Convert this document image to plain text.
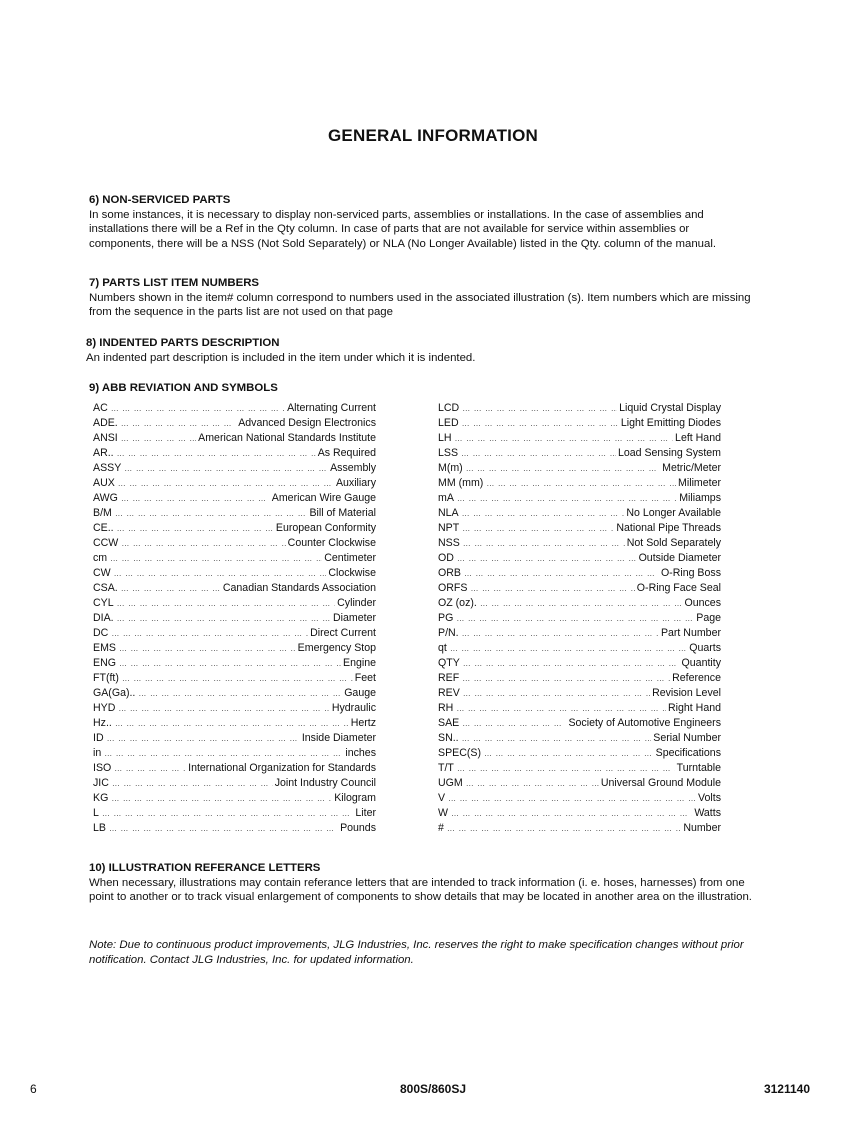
GENERAL INFORMATION
6) NON-SERVICED PARTS

In some instances, it is necessary to display non-serviced parts, assemblies or installations. In the case of assemblies and installations there will be a Ref in the Qty column. In case of parts that are not available for service within assemblies or components, there will be a NSS (Not Sold Separately) or NLA (No Longer Available) listed in the Qty. column of the manual.

7) PARTS LIST ITEM NUMBERS

Numbers shown in the item# column correspond to numbers used in the associated illustration (s). Item numbers which are missing from the sequence in the parts list are not used on that page

8) INDENTED PARTS DESCRIPTION

An indented part description is included in the item under which it is indented.

9) ABB REVIATION AND SYMBOLS
AC … … … … … … … … … … … … … … … … … … … … … … … … … … … … … … … … … … … … … … … … … … … … … … … …	Alternating Current
ADE. … … … … … … … … … … … … … … … … … … … … … … … … … … … … … … … … … … … … … … … … … … … … … … … …	Advanced Design Electronics
ANSI … … … … … … … … … … … … … … … … … … … … … … … … … … … … … … … … … … … … … … … … … … … … … … … …	American National Standards Institute
AR.. … … … … … … … … … … … … … … … … … … … … … … … … … … … … … … … … … … … … … … … … … … … … … … … …	As Required
ASSY … … … … … … … … … … … … … … … … … … … … … … … … … … … … … … … … … … … … … … … … … … … … … … … …	Assembly
AUX … … … … … … … … … … … … … … … … … … … … … … … … … … … … … … … … … … … … … … … … … … … … … … … …	Auxiliary
AWG … … … … … … … … … … … … … … … … … … … … … … … … … … … … … … … … … … … … … … … … … … … … … … … …	American Wire Gauge
B/M … … … … … … … … … … … … … … … … … … … … … … … … … … … … … … … … … … … … … … … … … … … … … … … …	Bill of Material
CE.. … … … … … … … … … … … … … … … … … … … … … … … … … … … … … … … … … … … … … … … … … … … … … … … …	European Conformity
CCW … … … … … … … … … … … … … … … … … … … … … … … … … … … … … … … … … … … … … … … … … … … … … … … …	Counter Clockwise
cm … … … … … … … … … … … … … … … … … … … … … … … … … … … … … … … … … … … … … … … … … … … … … … … …	Centimeter
CW … … … … … … … … … … … … … … … … … … … … … … … … … … … … … … … … … … … … … … … … … … … … … … … …	Clockwise
CSA. … … … … … … … … … … … … … … … … … … … … … … … … … … … … … … … … … … … … … … … … … … … … … … … …	Canadian Standards Association
CYL … … … … … … … … … … … … … … … … … … … … … … … … … … … … … … … … … … … … … … … … … … … … … … … …	Cylinder
DIA. … … … … … … … … … … … … … … … … … … … … … … … … … … … … … … … … … … … … … … … … … … … … … … … …	Diameter
DC … … … … … … … … … … … … … … … … … … … … … … … … … … … … … … … … … … … … … … … … … … … … … … … …	Direct Current
EMS … … … … … … … … … … … … … … … … … … … … … … … … … … … … … … … … … … … … … … … … … … … … … … … …	Emergency Stop
ENG … … … … … … … … … … … … … … … … … … … … … … … … … … … … … … … … … … … … … … … … … … … … … … … …	Engine
FT(ft) … … … … … … … … … … … … … … … … … … … … … … … … … … … … … … … … … … … … … … … … … … … … … … … …	Feet
GA(Ga).. … … … … … … … … … … … … … … … … … … … … … … … … … … … … … … … … … … … … … … … … … … … … … … … …	Gauge
HYD … … … … … … … … … … … … … … … … … … … … … … … … … … … … … … … … … … … … … … … … … … … … … … … …	Hydraulic
Hz.. … … … … … … … … … … … … … … … … … … … … … … … … … … … … … … … … … … … … … … … … … … … … … … … …	Hertz
ID … … … … … … … … … … … … … … … … … … … … … … … … … … … … … … … … … … … … … … … … … … … … … … … …	Inside Diameter
in … … … … … … … … … … … … … … … … … … … … … … … … … … … … … … … … … … … … … … … … … … … … … … … …	inches
ISO … … … … … … … … … … … … … … … … … … … … … … … … … … … … … … … … … … … … … … … … … … … … … … … …	International Organization for Standards
JIC … … … … … … … … … … … … … … … … … … … … … … … … … … … … … … … … … … … … … … … … … … … … … … … …	Joint Industry Council
KG … … … … … … … … … … … … … … … … … … … … … … … … … … … … … … … … … … … … … … … … … … … … … … … …	Kilogram
L … … … … … … … … … … … … … … … … … … … … … … … … … … … … … … … … … … … … … … … … … … … … … … … …	Liter
LB … … … … … … … … … … … … … … … … … … … … … … … … … … … … … … … … … … … … … … … … … … … … … … … …	Pounds
LCD … … … … … … … … … … … … … … … … … … … … … … … … … … … … … … … … … … … … … … … … … … … … … … … …	Liquid Crystal Display
LED … … … … … … … … … … … … … … … … … … … … … … … … … … … … … … … … … … … … … … … … … … … … … … … …	Light Emitting Diodes
LH … … … … … … … … … … … … … … … … … … … … … … … … … … … … … … … … … … … … … … … … … … … … … … … …	Left Hand
LSS … … … … … … … … … … … … … … … … … … … … … … … … … … … … … … … … … … … … … … … … … … … … … … … …	Load Sensing System
M(m) … … … … … … … … … … … … … … … … … … … … … … … … … … … … … … … … … … … … … … … … … … … … … … … …	Metric/Meter
MM (mm) … … … … … … … … … … … … … … … … … … … … … … … … … … … … … … … … … … … … … … … … … … … … … … … …	Milimeter
mA … … … … … … … … … … … … … … … … … … … … … … … … … … … … … … … … … … … … … … … … … … … … … … … …	Miliamps
NLA … … … … … … … … … … … … … … … … … … … … … … … … … … … … … … … … … … … … … … … … … … … … … … … …	No Longer Available
NPT … … … … … … … … … … … … … … … … … … … … … … … … … … … … … … … … … … … … … … … … … … … … … … … …	National Pipe Threads
NSS … … … … … … … … … … … … … … … … … … … … … … … … … … … … … … … … … … … … … … … … … … … … … … … …	Not Sold Separately
OD … … … … … … … … … … … … … … … … … … … … … … … … … … … … … … … … … … … … … … … … … … … … … … … …	Outside Diameter
ORB … … … … … … … … … … … … … … … … … … … … … … … … … … … … … … … … … … … … … … … … … … … … … … … …	O-Ring Boss
ORFS … … … … … … … … … … … … … … … … … … … … … … … … … … … … … … … … … … … … … … … … … … … … … … … …	O-Ring Face Seal
OZ (oz). … … … … … … … … … … … … … … … … … … … … … … … … … … … … … … … … … … … … … … … … … … … … … … … …	Ounces
PG … … … … … … … … … … … … … … … … … … … … … … … … … … … … … … … … … … … … … … … … … … … … … … … …	Page
P/N. … … … … … … … … … … … … … … … … … … … … … … … … … … … … … … … … … … … … … … … … … … … … … … … …	Part Number
qt … … … … … … … … … … … … … … … … … … … … … … … … … … … … … … … … … … … … … … … … … … … … … … … …	Quarts
QTY … … … … … … … … … … … … … … … … … … … … … … … … … … … … … … … … … … … … … … … … … … … … … … … …	Quantity
REF … … … … … … … … … … … … … … … … … … … … … … … … … … … … … … … … … … … … … … … … … … … … … … … …	Reference
REV … … … … … … … … … … … … … … … … … … … … … … … … … … … … … … … … … … … … … … … … … … … … … … … …	Revision Level
RH … … … … … … … … … … … … … … … … … … … … … … … … … … … … … … … … … … … … … … … … … … … … … … … …	Right Hand
SAE … … … … … … … … … … … … … … … … … … … … … … … … … … … … … … … … … … … … … … … … … … … … … … … …	Society of Automotive Engineers
SN.. … … … … … … … … … … … … … … … … … … … … … … … … … … … … … … … … … … … … … … … … … … … … … … … …	Serial Number
SPEC(S) … … … … … … … … … … … … … … … … … … … … … … … … … … … … … … … … … … … … … … … … … … … … … … … …	Specifications
T/T … … … … … … … … … … … … … … … … … … … … … … … … … … … … … … … … … … … … … … … … … … … … … … … …	Turntable
UGM … … … … … … … … … … … … … … … … … … … … … … … … … … … … … … … … … … … … … … … … … … … … … … … …	Universal Ground Module
V … … … … … … … … … … … … … … … … … … … … … … … … … … … … … … … … … … … … … … … … … … … … … … … …	Volts
W … … … … … … … … … … … … … … … … … … … … … … … … … … … … … … … … … … … … … … … … … … … … … … … …	Watts
# … … … … … … … … … … … … … … … … … … … … … … … … … … … … … … … … … … … … … … … … … … … … … … … …	Number
10) ILLUSTRATION REFERANCE LETTERS

When necessary, illustrations may contain referance letters that are intended to track information (i. e. hoses, harnesses) from one point to another or to track visual enlargement of components to show details that may be located in another area on the illustration.

Note: Due to continuous product improvements, JLG Industries, Inc. reserves the right to make specification changes without prior notification. Contact JLG Industries, Inc. for updated information.
6	800S/860SJ	3121140
